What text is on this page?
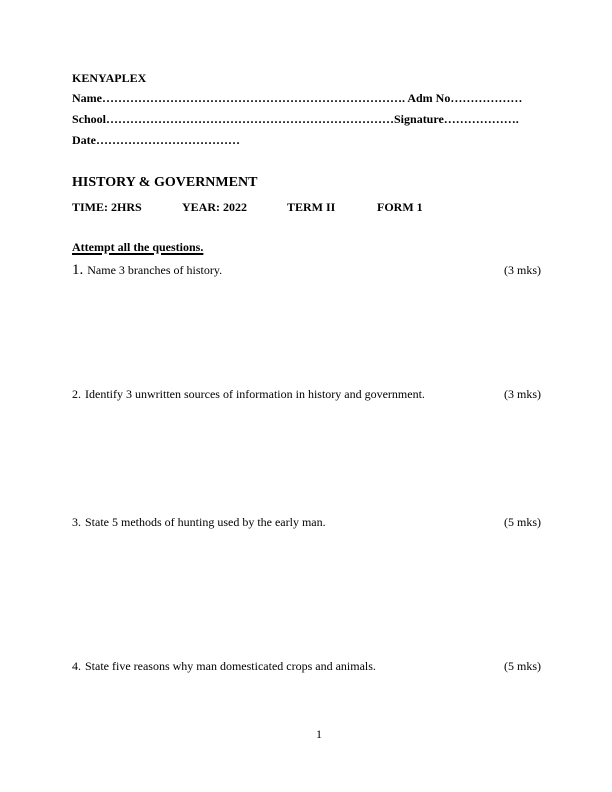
KENYAPLEX
Name…………………………………………………………………. Adm No………………
School………………………………………………………………Signature……………….
Date………………………………
HISTORY & GOVERNMENT
TIME: 2HRS	YEAR: 2022	TERM II	FORM 1
Attempt all the questions.
1. Name 3 branches of history.	(3 mks)
2. Identify 3 unwritten sources of information in history and government.	(3 mks)
3. State 5 methods of hunting used by the early man.	(5 mks)
4. State five reasons why man domesticated crops and animals.	(5 mks)
1
